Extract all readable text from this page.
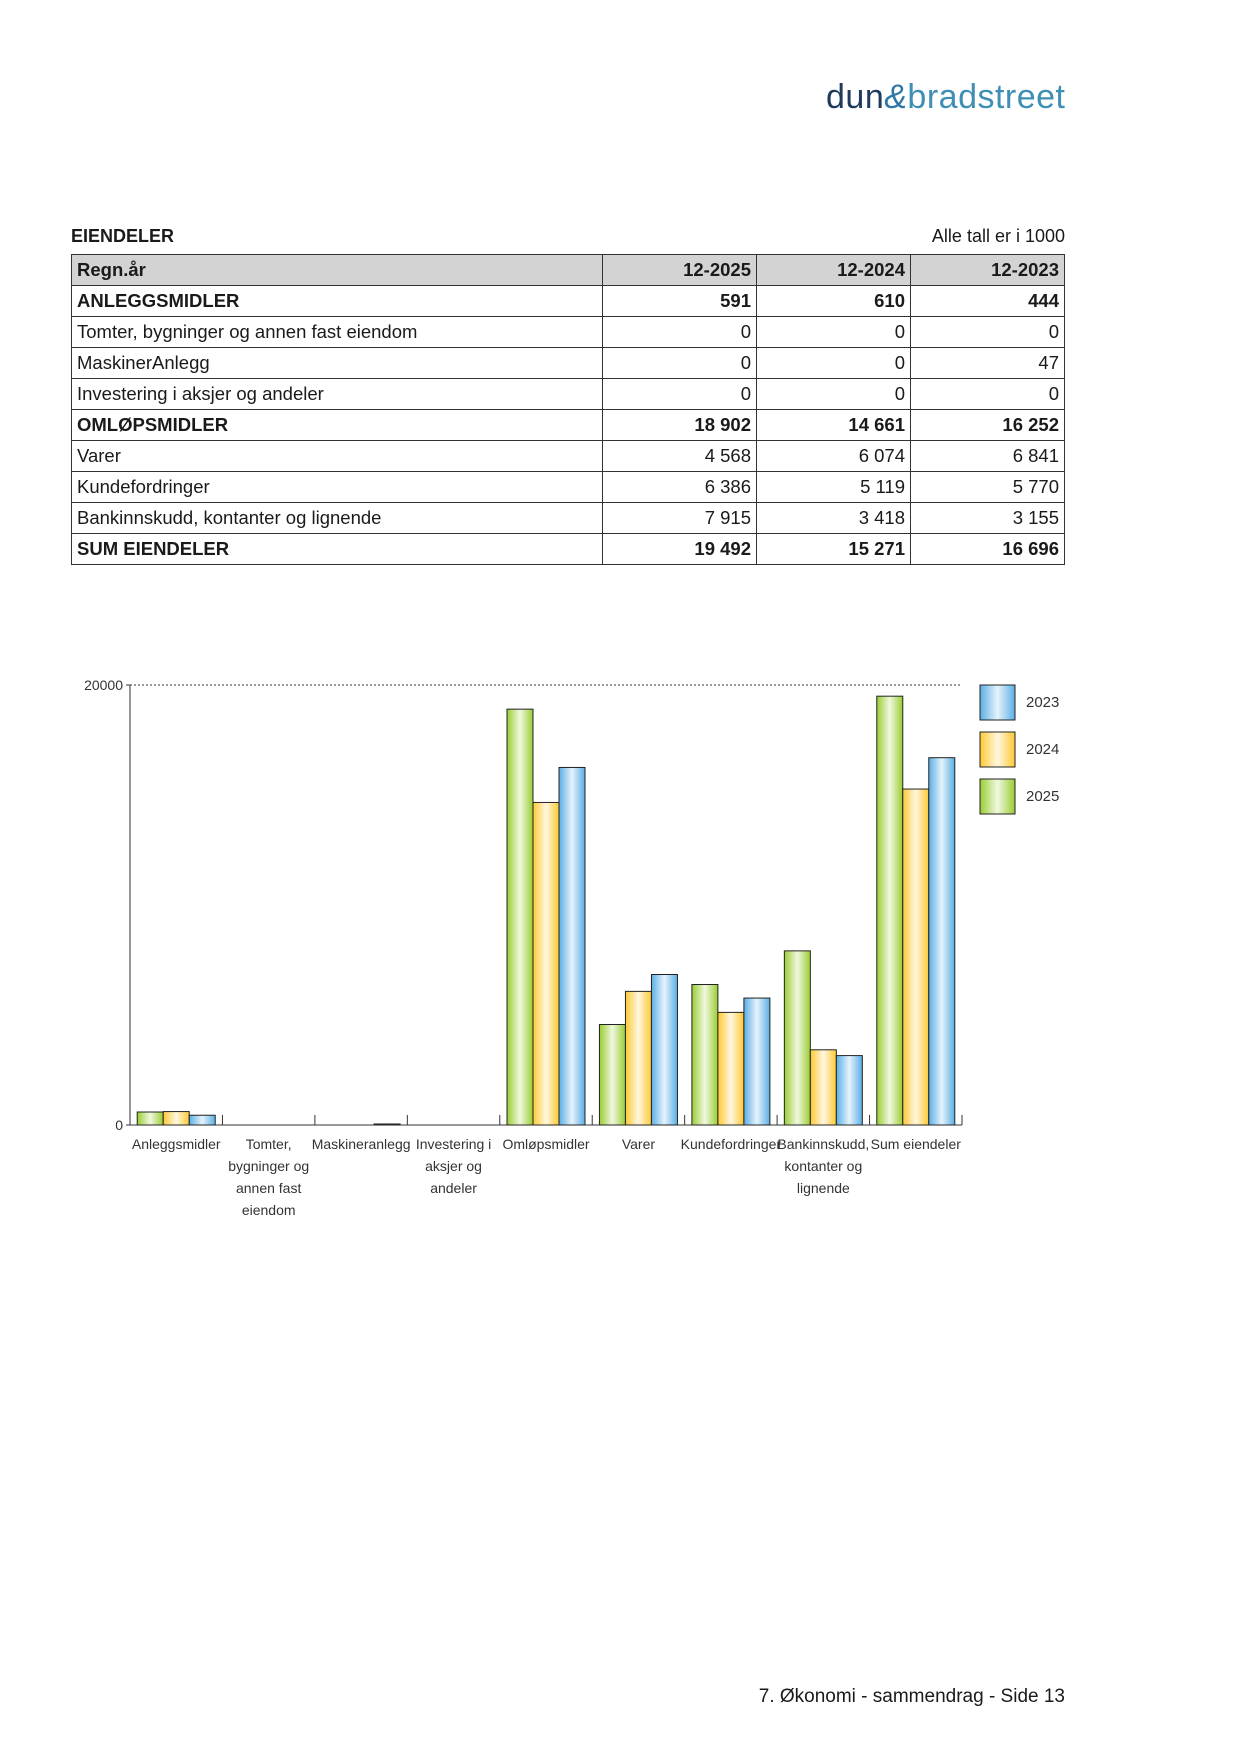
dun&bradstreet
EIENDELER	Alle tall er i 1000
Regn.år	12-2025	12-2024	12-2023
ANLEGGSMIDLER	591	610	444
Tomter, bygninger og annen fast eiendom	0	0	0
MaskinerAnlegg	0	0	47
Investering i aksjer og andeler	0	0	0
OMLØPSMIDLER	18 902	14 661	16 252
Varer	4 568	6 074	6 841
Kundefordringer	6 386	5 119	5 770
Bankinnskudd, kontanter og lignende	7 915	3 418	3 155
SUM EIENDELER	19 492	15 271	16 696
0
20000
Anleggsmidler Tomter,
bygninger og
annen fast
eiendom
Maskineranlegg Investering i
aksjer og
andeler
Omløpsmidler Varer Kundefordringer
Bankinnskudd,
kontanter og
lignende
Sum eiendeler
2023
2024
2025
7. Økonomi - sammendrag - Side 13
